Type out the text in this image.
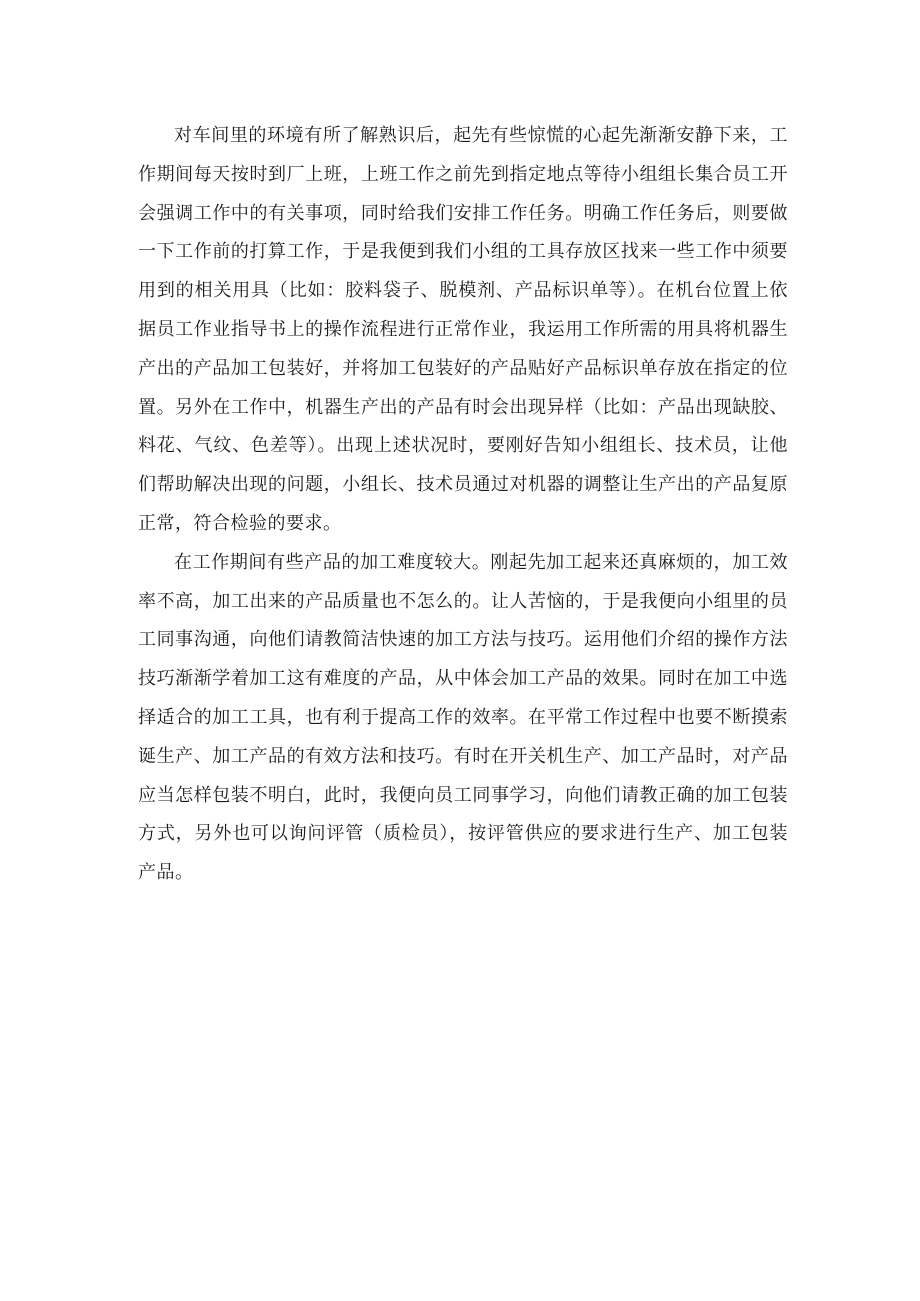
对车间里的环境有所了解熟识后，起先有些惊慌的心起先渐渐安静下来，工作期间每天按时到厂上班，上班工作之前先到指定地点等待小组组长集合员工开会强调工作中的有关事项，同时给我们安排工作任务。明确工作任务后，则要做一下工作前的打算工作，于是我便到我们小组的工具存放区找来一些工作中须要用到的相关用具（比如：胶料袋子、脱模剂、产品标识单等）。在机台位置上依据员工作业指导书上的操作流程进行正常作业，我运用工作所需的用具将机器生产出的产品加工包装好，并将加工包装好的产品贴好产品标识单存放在指定的位置。另外在工作中，机器生产出的产品有时会出现异样（比如：产品出现缺胶、料花、气纹、色差等）。出现上述状况时，要刚好告知小组组长、技术员，让他们帮助解决出现的问题，小组长、技术员通过对机器的调整让生产出的产品复原正常，符合检验的要求。

在工作期间有些产品的加工难度较大。刚起先加工起来还真麻烦的，加工效率不高，加工出来的产品质量也不怎么的。让人苦恼的，于是我便向小组里的员工同事沟通，向他们请教简洁快速的加工方法与技巧。运用他们介绍的操作方法技巧渐渐学着加工这有难度的产品，从中体会加工产品的效果。同时在加工中选择适合的加工工具，也有利于提高工作的效率。在平常工作过程中也要不断摸索诞生产、加工产品的有效方法和技巧。有时在开关机生产、加工产品时，对产品应当怎样包装不明白，此时，我便向员工同事学习，向他们请教正确的加工包装方式，另外也可以询问评管（质检员），按评管供应的要求进行生产、加工包装产品。
